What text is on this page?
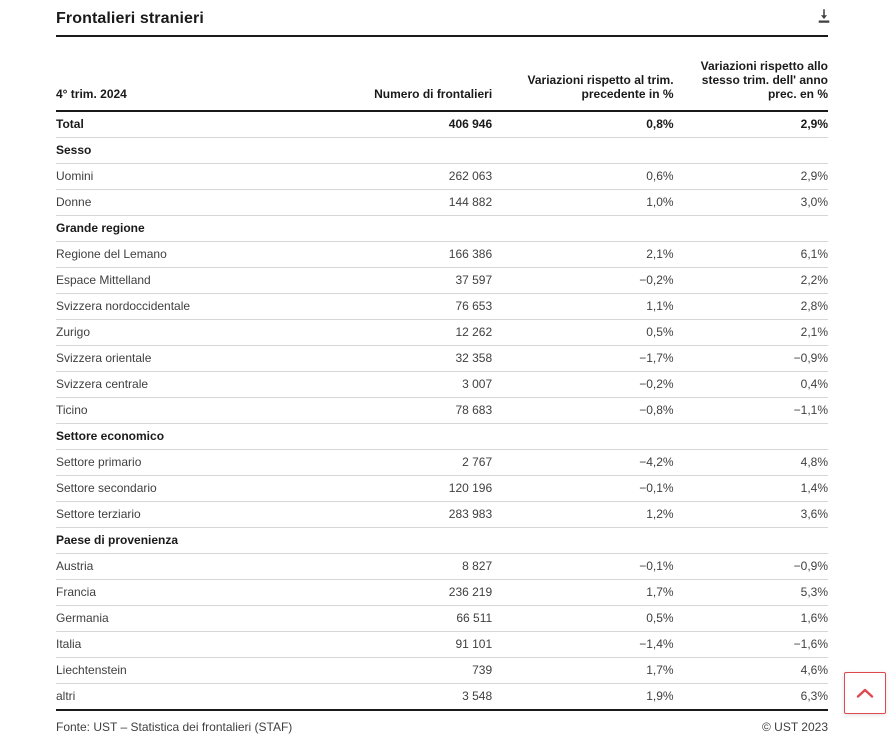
Frontalieri stranieri
4° trim. 2024	Numero di frontalieri	Variazioni rispetto al trim. precedente in %	Variazioni rispetto allo stesso trim. dell' anno prec. en %
Total	406 946	0,8%	2,9%
Sesso			
Uomini	262 063	0,6%	2,9%
Donne	144 882	1,0%	3,0%
Grande regione			
Regione del Lemano	166 386	2,1%	6,1%
Espace Mittelland	37 597	−0,2%	2,2%
Svizzera nordoccidentale	76 653	1,1%	2,8%
Zurigo	12 262	0,5%	2,1%
Svizzera orientale	32 358	−1,7%	−0,9%
Svizzera centrale	3 007	−0,2%	0,4%
Ticino	78 683	−0,8%	−1,1%
Settore economico			
Settore primario	2 767	−4,2%	4,8%
Settore secondario	120 196	−0,1%	1,4%
Settore terziario	283 983	1,2%	3,6%
Paese di provenienza			
Austria	8 827	−0,1%	−0,9%
Francia	236 219	1,7%	5,3%
Germania	66 511	0,5%	1,6%
Italia	91 101	−1,4%	−1,6%
Liechtenstein	739	1,7%	4,6%
altri	3 548	1,9%	6,3%
Fonte: UST – Statistica dei frontalieri (STAF)	© UST 2023
